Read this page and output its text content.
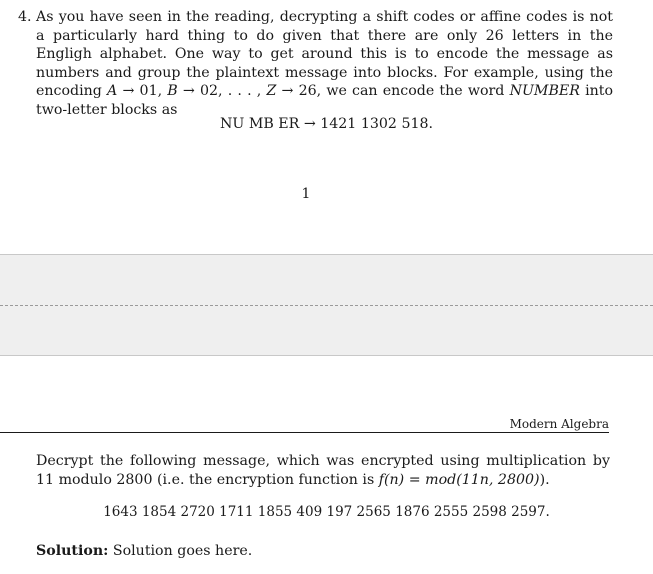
4. As you have seen in the reading, decrypting a shift codes or affine codes is not a particularly hard thing to do given that there are only 26 letters in the Engligh alphabet. One way to get around this is to encode the message as numbers and group the plaintext message into blocks. For example, using the encoding A → 01, B → 02, . . . , Z → 26, we can encode the word NUMBER into two-letter blocks as
NU MB ER → 1421 1302 518.
1
Modern Algebra
Decrypt the following message, which was encrypted using multiplication by 11 modulo 2800 (i.e. the encryption function is f(n) = mod(11n, 2800)).
1643 1854 2720 1711 1855 409 197 2565 1876 2555 2598 2597.
Solution: Solution goes here.
